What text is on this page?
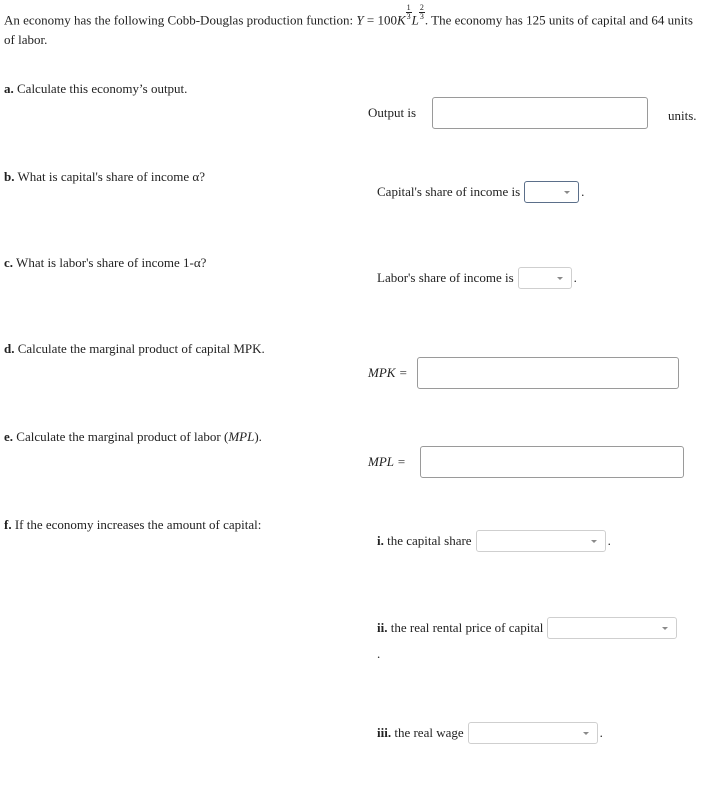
An economy has the following Cobb-Douglas production function: $Y = 100K \frac{1}{3}$ L $\frac{2}{3}$ . The economy has 125 units of capital and 64 units of labor.
a. Calculate this economy’s output.
Output is	units.
b. What is capital's share of income α?
Capital's share of income is	.
c. What is labor's share of income 1-α?
Labor's share of income is	.
d. Calculate the marginal product of capital MPK.
MPK =
e. Calculate the marginal product of labor (MPL).
MPL =
f. If the economy increases the amount of capital:
i. the capital share	.
ii. the real rental price of capital
.
iii. the real wage	.
